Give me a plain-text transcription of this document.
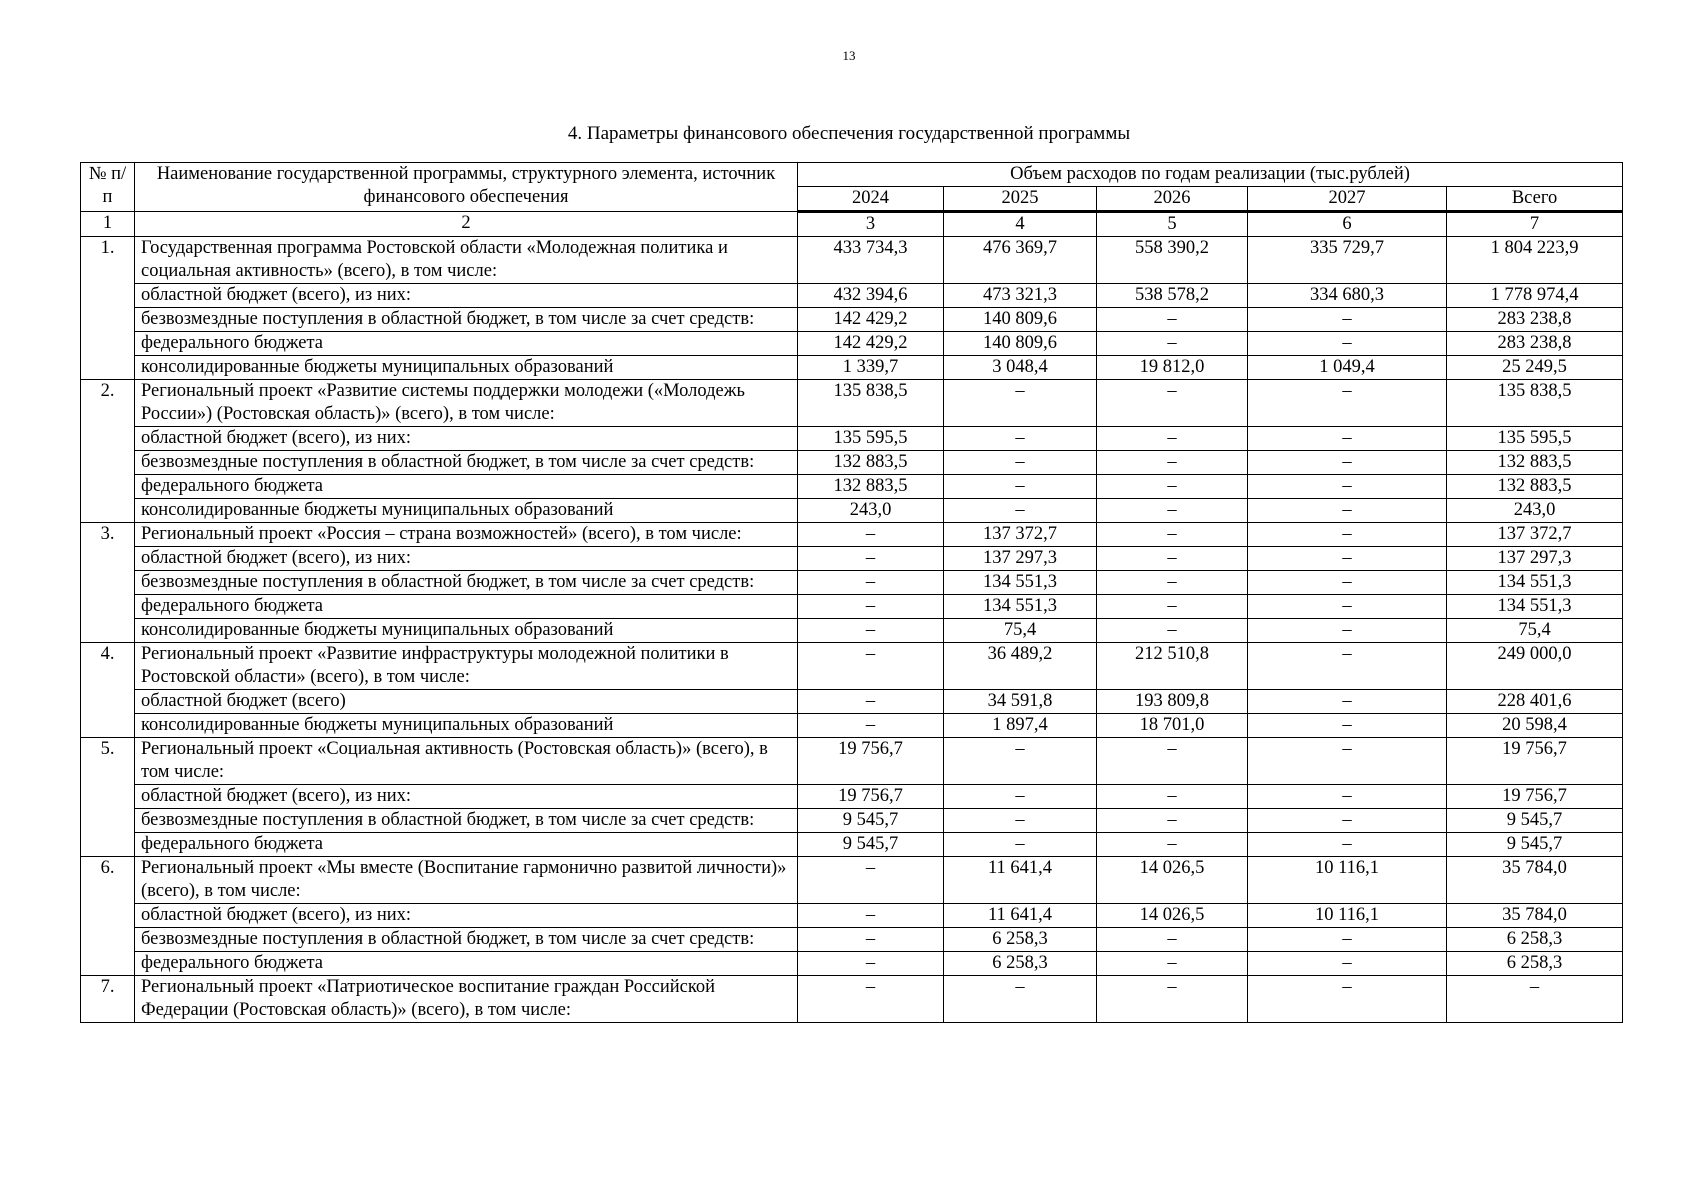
13
4. Параметры финансового обеспечения государственной программы
№ п/п	Наименование государственной программы, структурного элемента, источник финансового обеспечения	Объем расходов по годам реализации (тыс.рублей)				
		2024	2025	2026	2027	Всего
1	2	3	4	5	6	7
1.	Государственная программа Ростовской области «Молодежная политика и социальная активность» (всего), в том числе:	433 734,3	476 369,7	558 390,2	335 729,7	1 804 223,9
	областной бюджет (всего), из них:	432 394,6	473 321,3	538 578,2	334 680,3	1 778 974,4
	безвозмездные поступления в областной бюджет, в том числе за счет средств:	142 429,2	140 809,6	–	–	283 238,8
	федерального бюджета	142 429,2	140 809,6	–	–	283 238,8
	консолидированные бюджеты муниципальных образований	1 339,7	3 048,4	19 812,0	1 049,4	25 249,5
2.	Региональный проект «Развитие системы поддержки молодежи («Молодежь России») (Ростовская область)» (всего), в том числе:	135 838,5	–	–	–	135 838,5
	областной бюджет (всего), из них:	135 595,5	–	–	–	135 595,5
	безвозмездные поступления в областной бюджет, в том числе за счет средств:	132 883,5	–	–	–	132 883,5
	федерального бюджета	132 883,5	–	–	–	132 883,5
	консолидированные бюджеты муниципальных образований	243,0	–	–	–	243,0
3.	Региональный проект «Россия – страна возможностей» (всего), в том числе:	–	137 372,7	–	–	137 372,7
	областной бюджет (всего), из них:	–	137 297,3	–	–	137 297,3
	безвозмездные поступления в областной бюджет, в том числе за счет средств:	–	134 551,3	–	–	134 551,3
	федерального бюджета	–	134 551,3	–	–	134 551,3
	консолидированные бюджеты муниципальных образований	–	75,4	–	–	75,4
4.	Региональный проект «Развитие инфраструктуры молодежной политики в Ростовской области» (всего), в том числе:	–	36 489,2	212 510,8	–	249 000,0
	областной бюджет (всего)	–	34 591,8	193 809,8	–	228 401,6
	консолидированные бюджеты муниципальных образований	–	1 897,4	18 701,0	–	20 598,4
5.	Региональный проект «Социальная активность (Ростовская область)» (всего), в том числе:	19 756,7	–	–	–	19 756,7
	областной бюджет (всего), из них:	19 756,7	–	–	–	19 756,7
	безвозмездные поступления в областной бюджет, в том числе за счет средств:	9 545,7	–	–	–	9 545,7
	федерального бюджета	9 545,7	–	–	–	9 545,7
6.	Региональный проект «Мы вместе (Воспитание гармонично развитой личности)» (всего), в том числе:	–	11 641,4	14 026,5	10 116,1	35 784,0
	областной бюджет (всего), из них:	–	11 641,4	14 026,5	10 116,1	35 784,0
	безвозмездные поступления в областной бюджет, в том числе за счет средств:	–	6 258,3	–	–	6 258,3
	федерального бюджета	–	6 258,3	–	–	6 258,3
7.	Региональный проект «Патриотическое воспитание граждан Российской Федерации (Ростовская область)» (всего), в том числе:	–	–	–	–	–
